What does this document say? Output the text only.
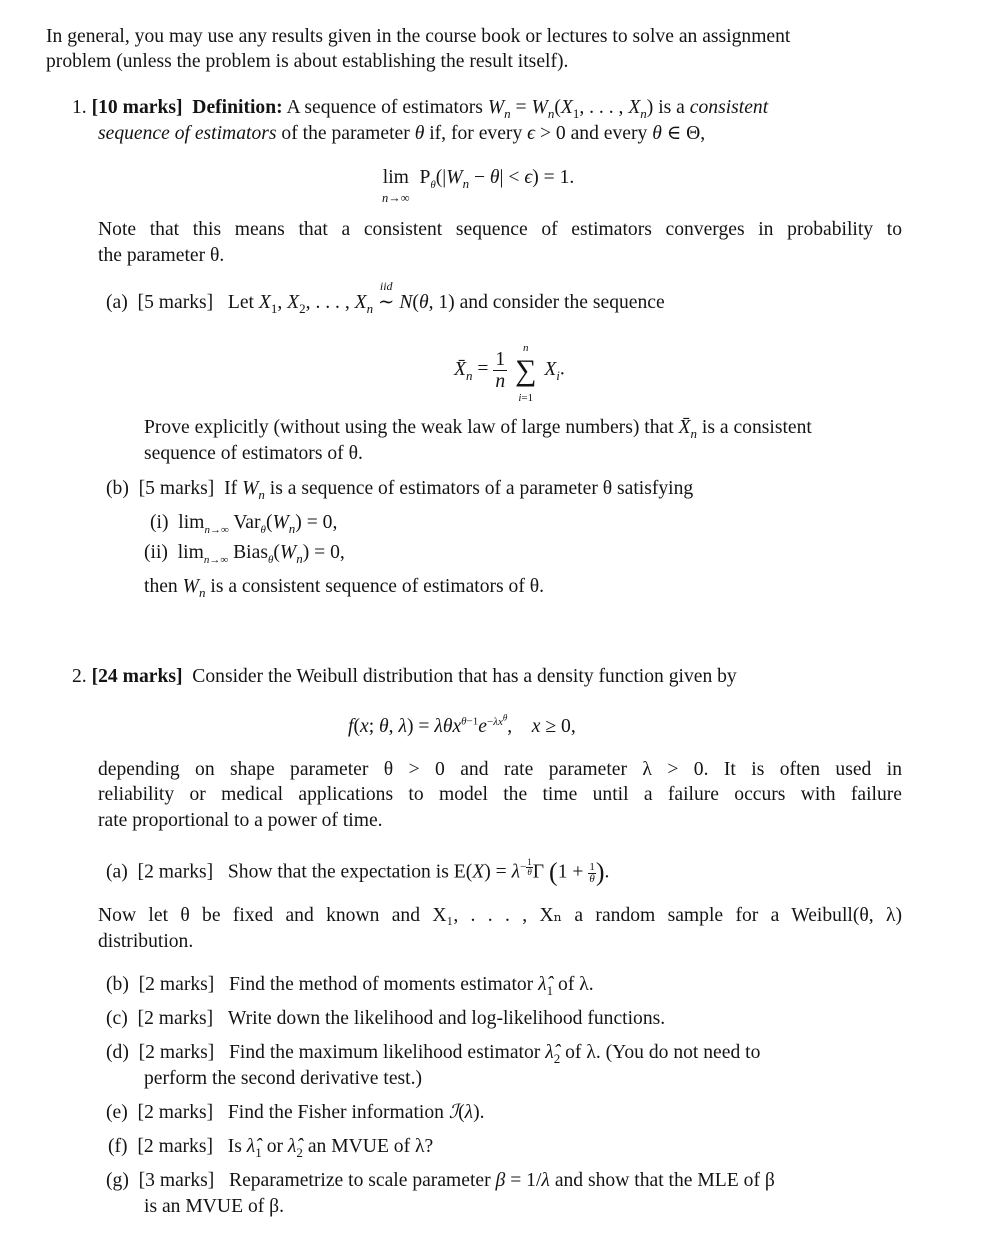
In general, you may use any results given in the course book or lectures to solve an assignment
problem (unless the problem is about establishing the result itself).
1. [10 marks] Definition: A sequence of estimators $W_n = W_n(X_1$, . . . , $X_n$) is a consistent
sequence of estimators of the parameter θ if, for every ϵ > 0 and every θ ∈ Θ,
lim
n→∞
$P_\theta(|W_n - \theta| < \epsilon) = 1$.
Note that this means that a consistent sequence of estimators converges in probability to
the parameter θ.
(a) [5 marks] Let $X_1$, $X_2$, . . . , $X_n$
iid
∼ N(θ, 1) and consider the sequence
$X̄_n = \frac{1}{n}$
n
∑
i=1 $X_i$.
Prove explicitly (without using the weak law of large numbers) that $X̄_n$ is a consistent
sequence of estimators of θ.
(b) [5 marks] If $W_n$ is a sequence of estimators of a parameter θ satisfying
(i)  $\lim_{n\to\infty} Var_\theta(W_n) = 0$,
(ii)  $\lim_{n\to\infty}$ $Bias_\theta(W_n) = 0$,
then $W_n$ is a consistent sequence of estimators of θ.
2. [24 marks] Consider the Weibull distribution that has a density function given by
f(x; θ, $\lambda) = \lambda\theta x^{\theta-1}e^{-\lambda x^\theta}$,    x ≥ 0,
depending on shape parameter θ > 0 and rate parameter λ > 0. It is often used in
reliability or medical applications to model the time until a failure occurs with failure
rate proportional to a power of time.
(a) [2 marks] Show that the expectation is $E(X) = \lambda^{- \frac{1}{\theta}}$ Γ ($1 + \frac{1}{\theta}$ ).
Now let θ be fixed and known and X₁, . . . , Xₙ a random sample for a Weibull(θ, λ)
distribution.
(b) [2 marks] Find the method of moments estimator $\lambdâ_1$ of λ.
(c) [2 marks] Write down the likelihood and log-likelihood functions.
(d) [2 marks] Find the maximum likelihood estimator $\lambdâ_2$ of λ. (You do not need to
perform the second derivative test.)
(e) [2 marks] Find the Fisher information ℐ(λ).
(f) [2 marks] Is $\lambdâ_1$ or $\lambdâ_2$ an MVUE of λ?
(g) [3 marks] Reparametrize to scale parameter β = 1/λ and show that the MLE of β
is an MVUE of β.
